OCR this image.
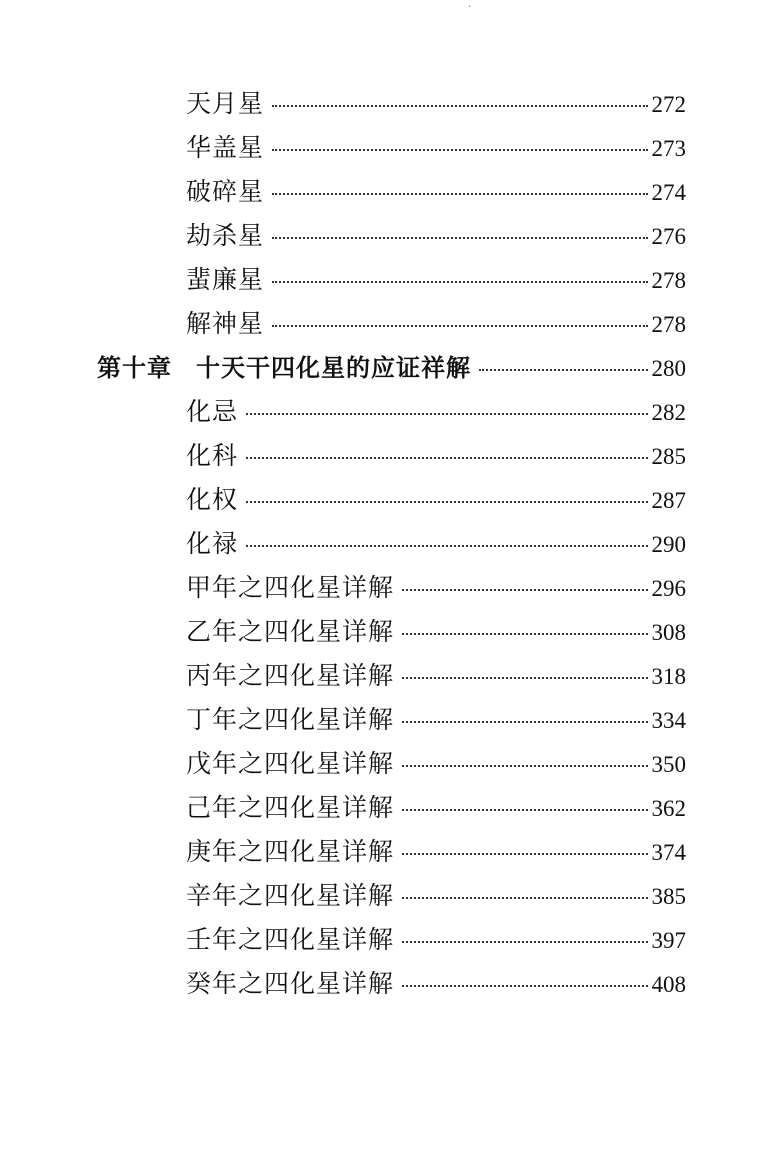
·
天月星	272
华盖星	273
破碎星	274
劫杀星	276
蜚廉星	278
解神星	278
第十章 十天干四化星的应证祥解	280
化忌	282
化科	285
化权	287
化禄	290
甲年之四化星详解	296
乙年之四化星详解	308
丙年之四化星详解	318
丁年之四化星详解	334
戊年之四化星详解	350
己年之四化星详解	362
庚年之四化星详解	374
辛年之四化星详解	385
壬年之四化星详解	397
癸年之四化星详解	408
